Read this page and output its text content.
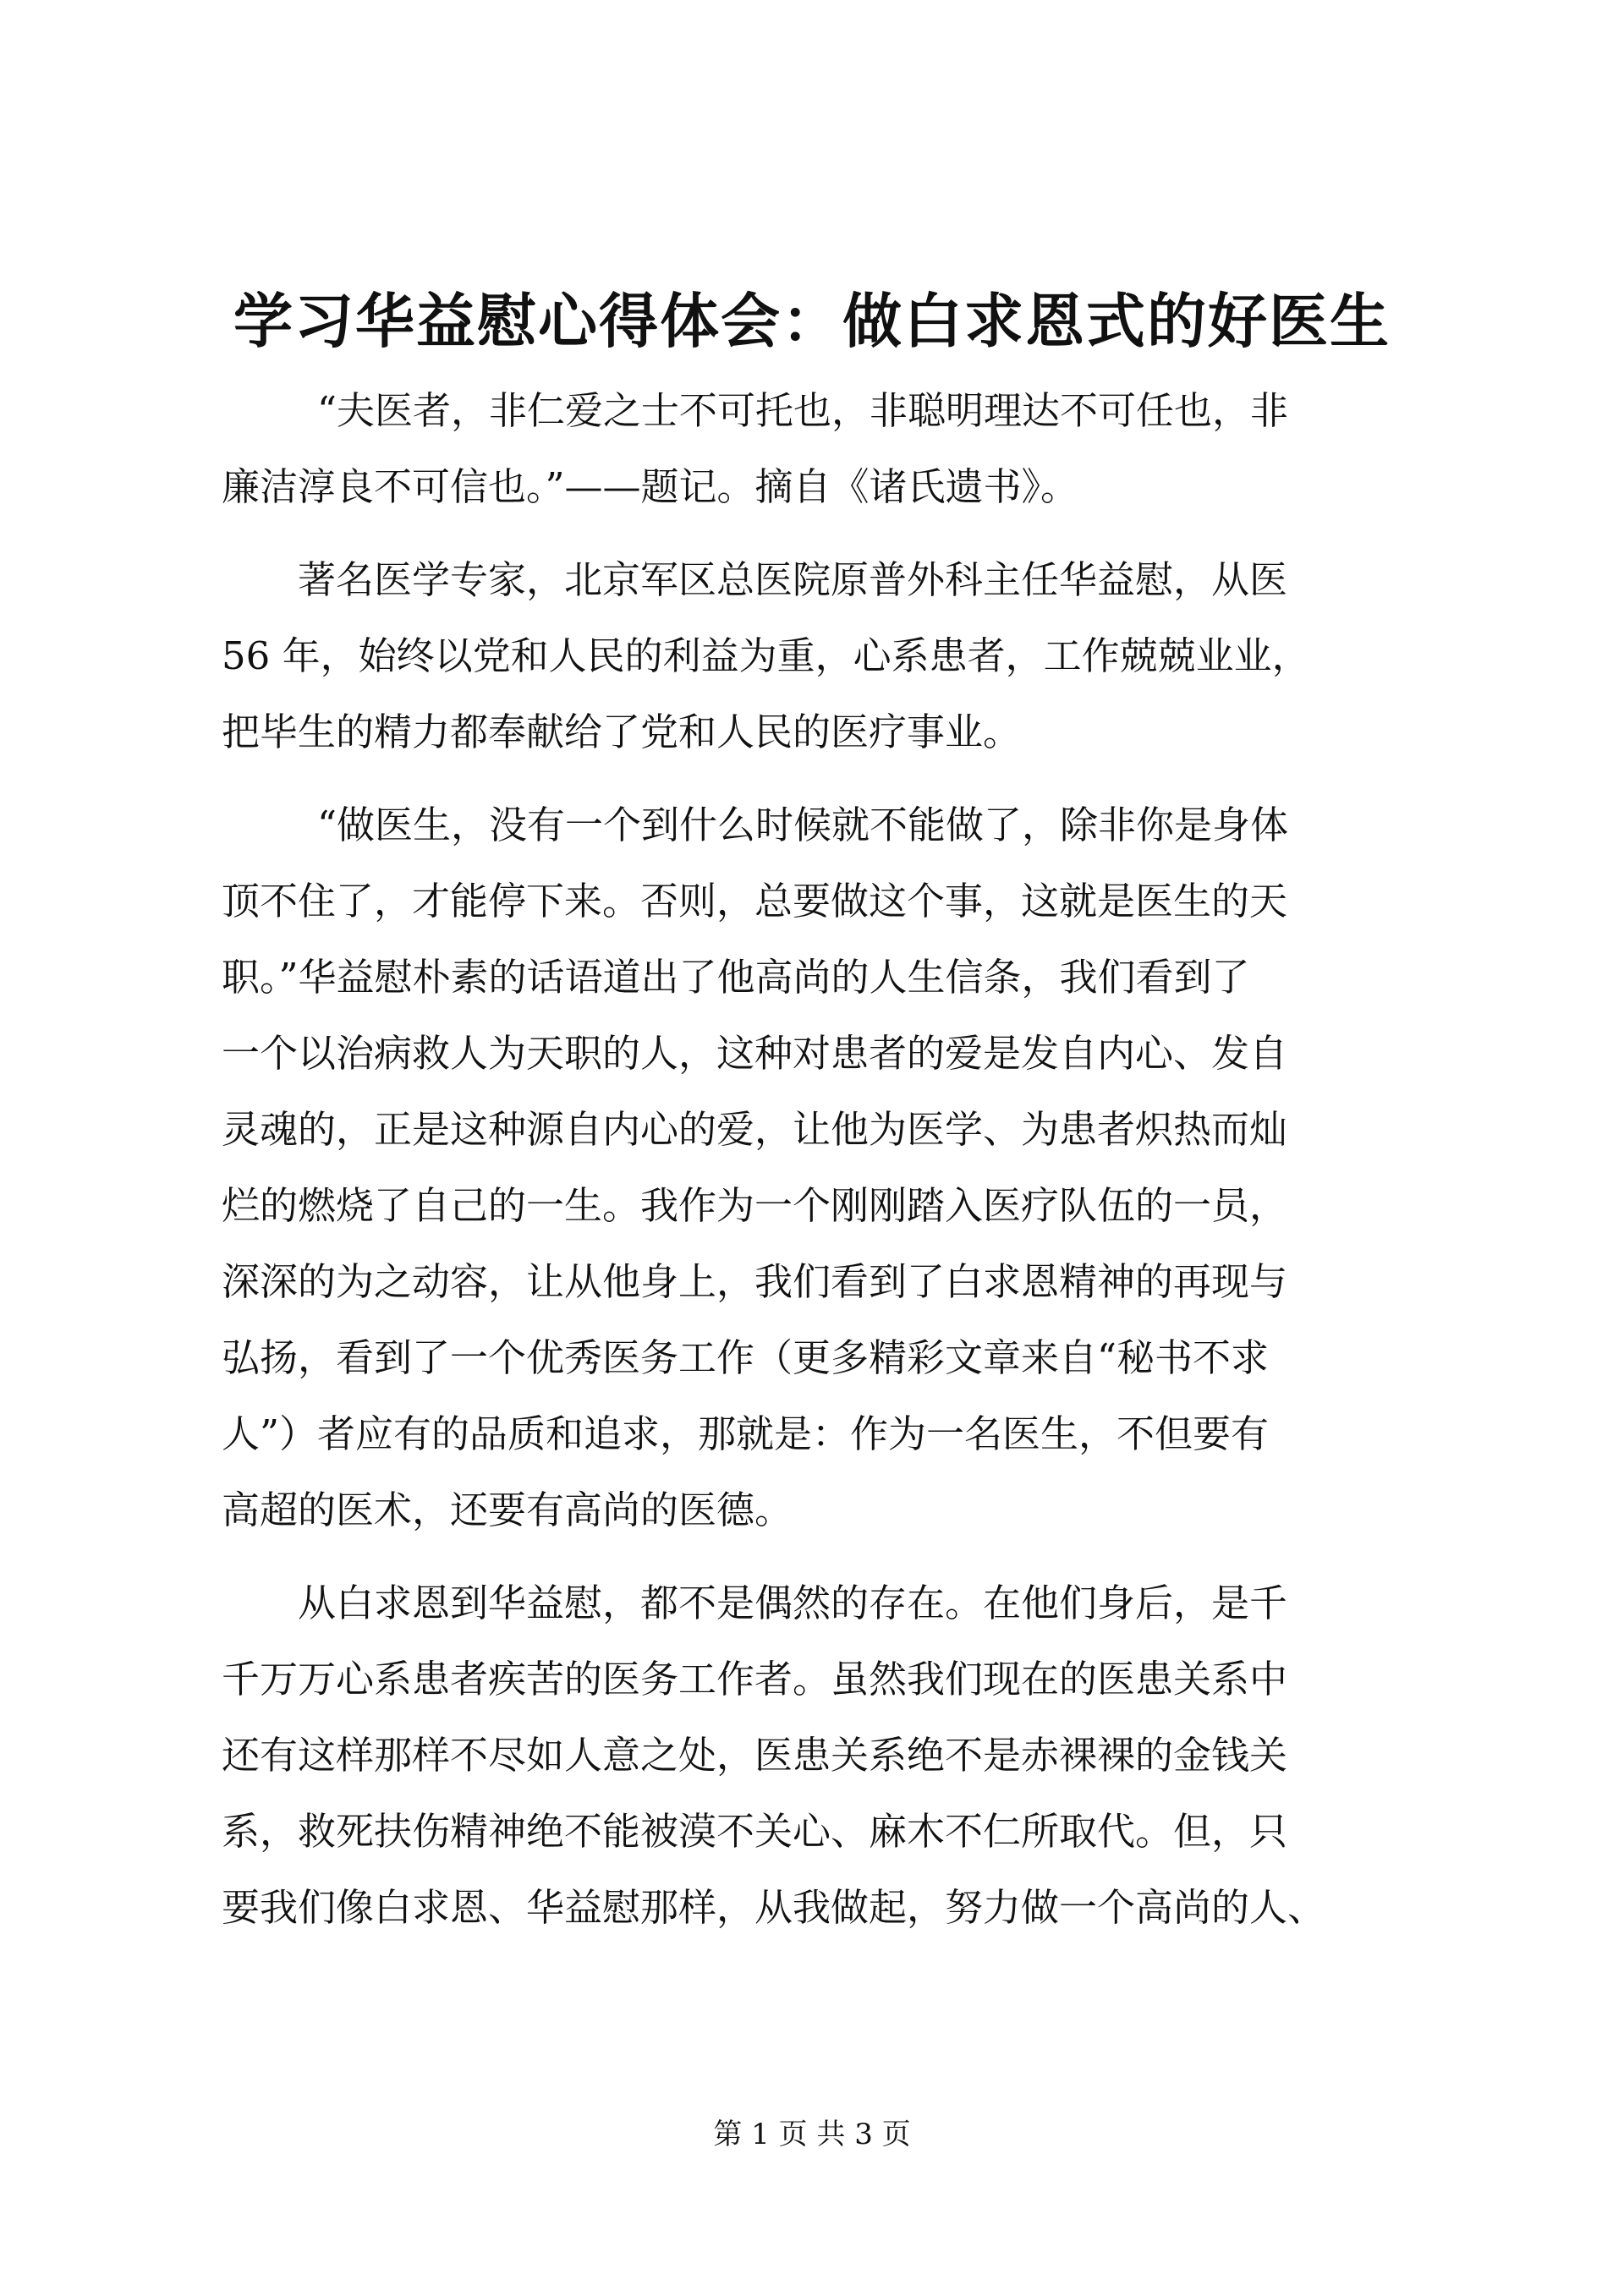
学习华益慰心得体会：做白求恩式的好医生
“夫医者，非仁爱之士不可托也，非聪明理达不可任也，非
廉洁淳良不可信也。”——题记。摘自《诸氏遗书》。
著名医学专家，北京军区总医院原普外科主任华益慰，从医
56 年，始终以党和人民的利益为重，心系患者，工作兢兢业业，
把毕生的精力都奉献给了党和人民的医疗事业。
“做医生，没有一个到什么时候就不能做了，除非你是身体
顶不住了，才能停下来。否则，总要做这个事，这就是医生的天
职。”华益慰朴素的话语道出了他高尚的人生信条，我们看到了
一个以治病救人为天职的人，这种对患者的爱是发自内心、发自
灵魂的，正是这种源自内心的爱，让他为医学、为患者炽热而灿
烂的燃烧了自己的一生。我作为一个刚刚踏入医疗队伍的一员，
深深的为之动容，让从他身上，我们看到了白求恩精神的再现与
弘扬，看到了一个优秀医务工作（更多精彩文章来自“秘书不求
人”）者应有的品质和追求，那就是：作为一名医生，不但要有
高超的医术，还要有高尚的医德。
从白求恩到华益慰，都不是偶然的存在。在他们身后，是千
千万万心系患者疾苦的医务工作者。虽然我们现在的医患关系中
还有这样那样不尽如人意之处，医患关系绝不是赤裸裸的金钱关
系，救死扶伤精神绝不能被漠不关心、麻木不仁所取代。但，只
要我们像白求恩、华益慰那样，从我做起，努力做一个高尚的人、
第 1 页 共 3 页
